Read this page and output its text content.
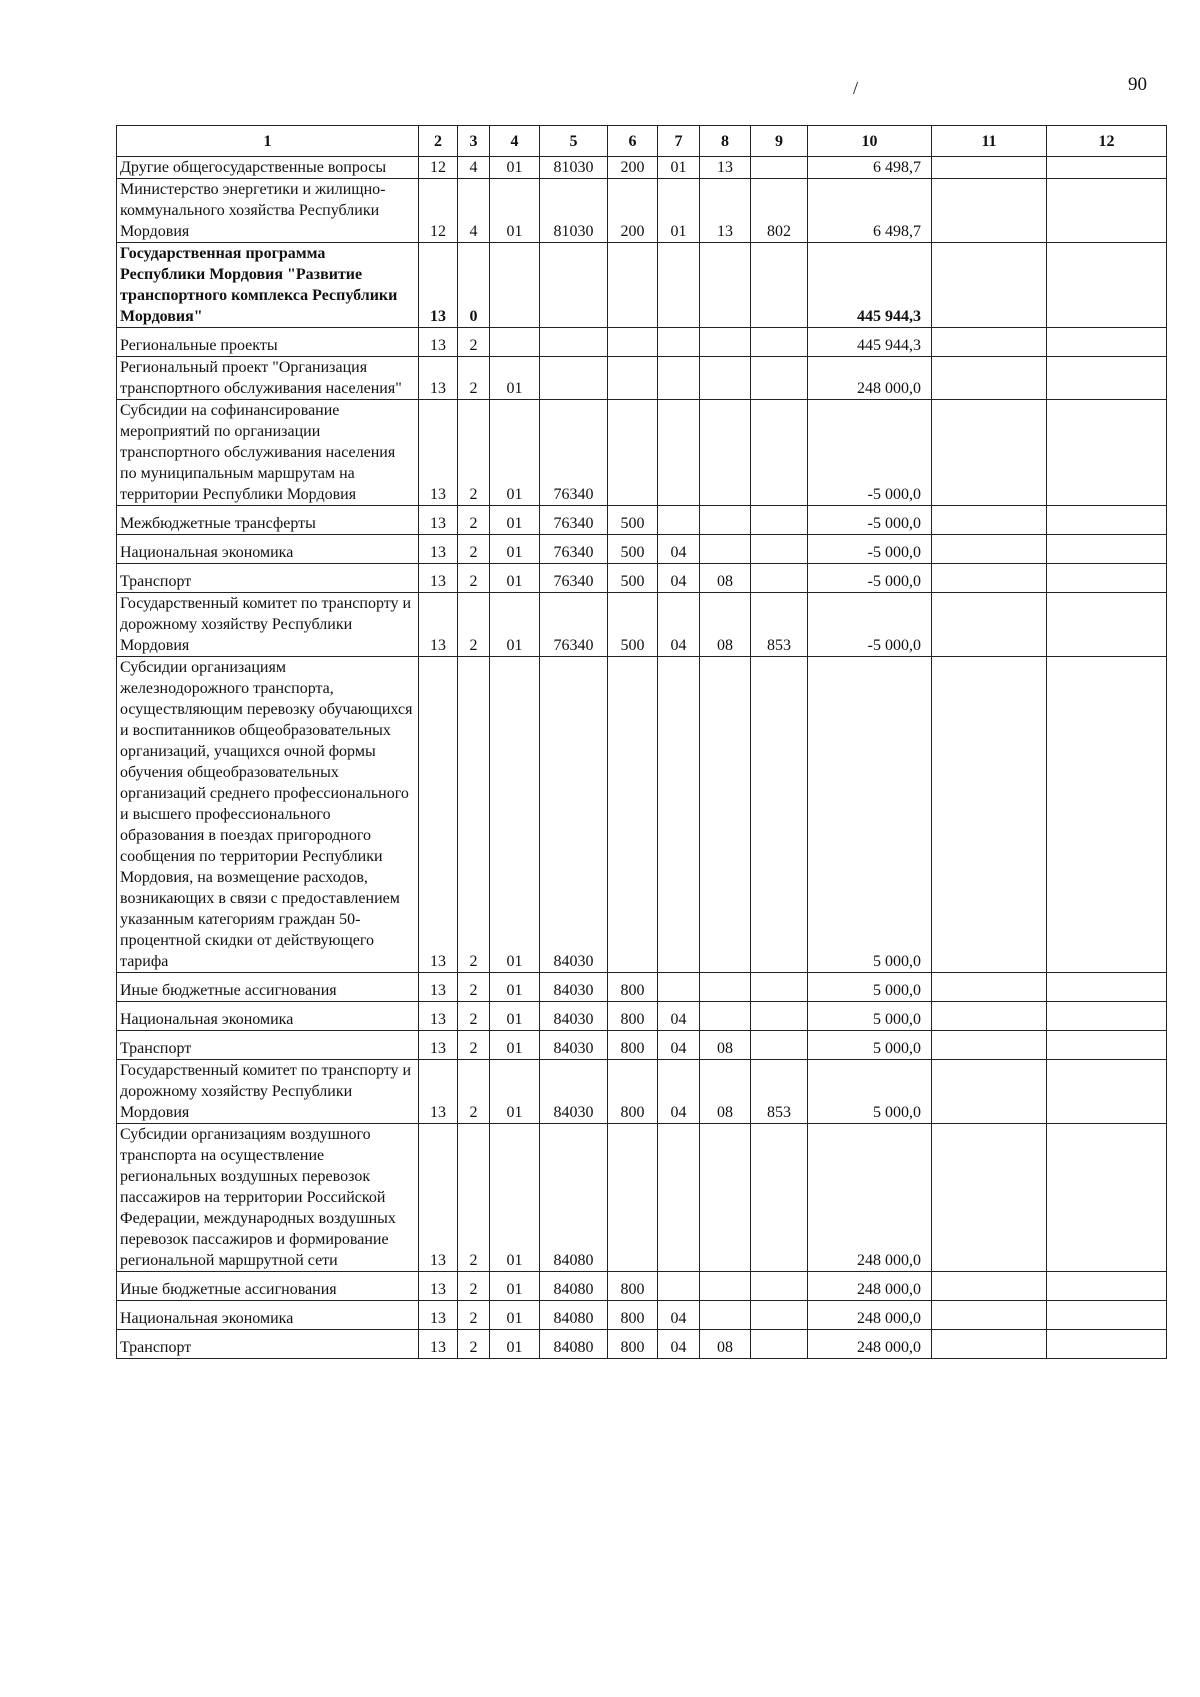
/	90
1	2	3	4	5	6	7	8	9	10	11	12
Другие общегосударственные вопросы	12	4	01	81030	200	01	13		6 498,7		
Министерство энергетики и жилищно-коммунального хозяйства Республики Мордовия	12	4	01	81030	200	01	13	802	6 498,7		
Государственная программа Республики Мордовия "Развитие транспортного комплекса Республики Мордовия"	13	0							445 944,3		
Региональные проекты	13	2							445 944,3		
Региональный проект "Организация транспортного обслуживания населения"	13	2	01						248 000,0		
Субсидии на софинансирование мероприятий по организации транспортного обслуживания населения по муниципальным маршрутам на территории Республики Мордовия	13	2	01	76340					-5 000,0		
Межбюджетные трансферты	13	2	01	76340	500				-5 000,0		
Национальная экономика	13	2	01	76340	500	04			-5 000,0		
Транспорт	13	2	01	76340	500	04	08		-5 000,0		
Государственный комитет по транспорту и дорожному хозяйству Республики Мордовия	13	2	01	76340	500	04	08	853	-5 000,0		
Субсидии организациям железнодорожного транспорта, осуществляющим перевозку обучающихся и воспитанников общеобразовательных организаций, учащихся очной формы обучения общеобразовательных организаций среднего профессионального и высшего профессионального образования в поездах пригородного сообщения по территории Республики Мордовия, на возмещение расходов, возникающих в связи с предоставлением указанным категориям граждан 50-процентной скидки от действующего тарифа	13	2	01	84030					5 000,0		
Иные бюджетные ассигнования	13	2	01	84030	800				5 000,0		
Национальная экономика	13	2	01	84030	800	04			5 000,0		
Транспорт	13	2	01	84030	800	04	08		5 000,0		
Государственный комитет по транспорту и дорожному хозяйству Республики Мордовия	13	2	01	84030	800	04	08	853	5 000,0		
Субсидии организациям воздушного транспорта на осуществление региональных воздушных перевозок пассажиров на территории Российской Федерации, международных воздушных перевозок пассажиров и формирование региональной маршрутной сети	13	2	01	84080					248 000,0		
Иные бюджетные ассигнования	13	2	01	84080	800				248 000,0		
Национальная экономика	13	2	01	84080	800	04			248 000,0		
Транспорт	13	2	01	84080	800	04	08		248 000,0		
